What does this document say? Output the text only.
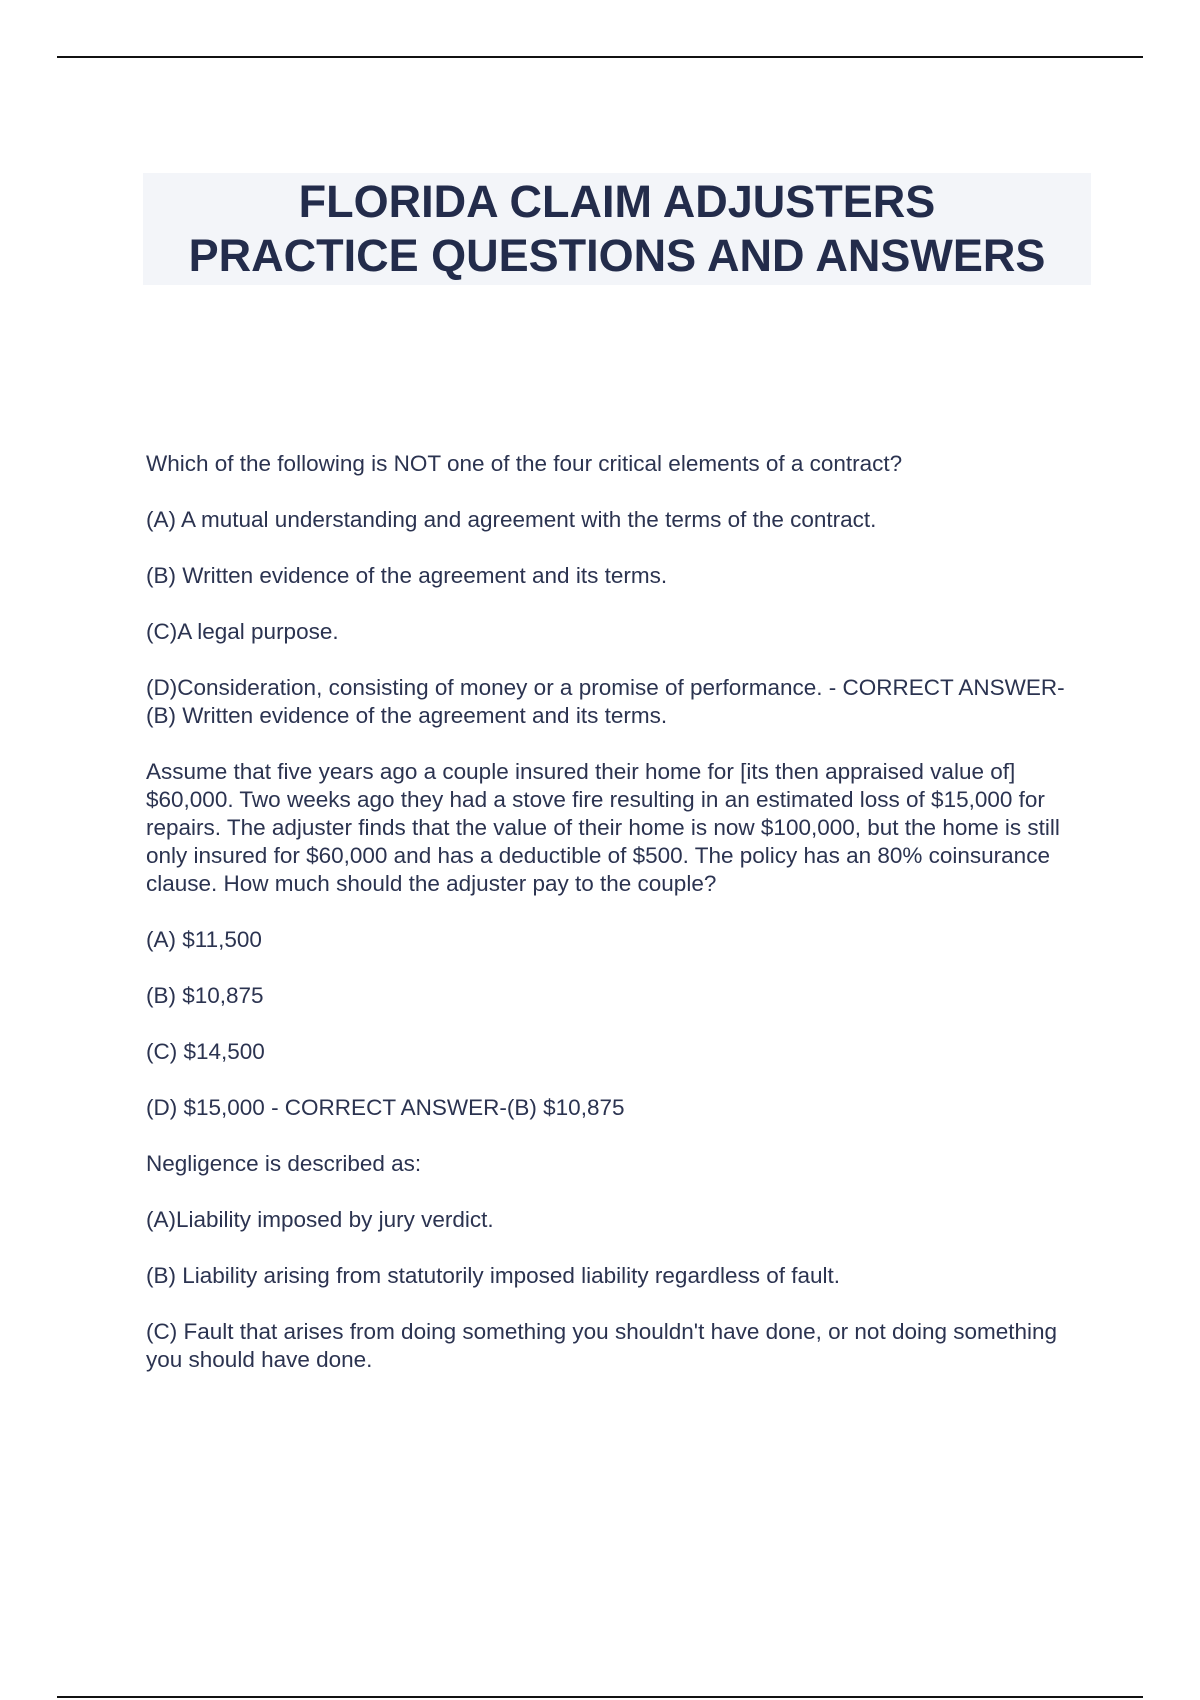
FLORIDA CLAIM ADJUSTERS
PRACTICE QUESTIONS AND ANSWERS

Which of the following is NOT one of the four critical elements of a contract?

(A) A mutual understanding and agreement with the terms of the contract.

(B) Written evidence of the agreement and its terms.

(C)A legal purpose.

(D)Consideration, consisting of money or a promise of performance. - CORRECT ANSWER-(B) Written evidence of the agreement and its terms.

Assume that five years ago a couple insured their home for [its then appraised value of] $60,000. Two weeks ago they had a stove fire resulting in an estimated loss of $15,000 for repairs. The adjuster finds that the value of their home is now $100,000, but the home is still only insured for $60,000 and has a deductible of $500. The policy has an 80% coinsurance clause. How much should the adjuster pay to the couple?

(A) $11,500

(B) $10,875

(C) $14,500

(D) $15,000 - CORRECT ANSWER-(B) $10,875

Negligence is described as:

(A)Liability imposed by jury verdict.

(B) Liability arising from statutorily imposed liability regardless of fault.

(C) Fault that arises from doing something you shouldn't have done, or not doing something you should have done.
